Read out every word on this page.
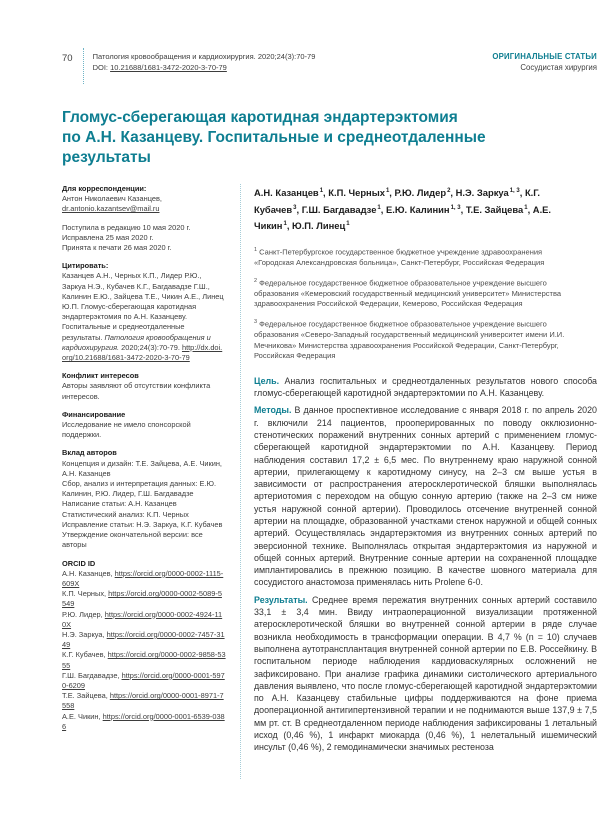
70	Патология кровообращения и кардиохирургия. 2020;24(3):70-79
DOI: 10.21688/1681-3472-2020-3-70-79
ОРИГИНАЛЬНЫЕ СТАТЬИ
Сосудистая хирургия
Гломус-сберегающая каротидная эндартерэктомия
по А.Н. Казанцеву. Госпитальные и среднеотдаленные
результаты

Для корреспонденции:

Антон Николаевич Казанцев,

dr.antonio.kazantsev@mail.ru

Поступила в редакцию 10 мая 2020 г.

Исправлена 25 мая 2020 г.

Принята к печати 26 мая 2020 г.

Цитировать:

Казанцев А.Н., Черных К.П., Лидер Р.Ю., Заркуа Н.Э., Кубачев К.Г., Багдавадзе Г.Ш., Калинин Е.Ю., Зайцева Т.Е., Чикин А.Е., Линец Ю.П. Гломус-сберегающая каротидная эндартерэктомия по А.Н. Казанцеву. Госпитальные и среднеотдаленные результаты. Патология кровообращения и кардиохирургия. 2020;24(3):70-79. http://dx.doi.org/10.21688/1681-3472-2020-3-70-79

Конфликт интересов

Авторы заявляют об отсутствии конфликта интересов.

Финансирование

Исследование не имело спонсорской поддержки.

Вклад авторов

Концепция и дизайн: Т.Е. Зайцева, А.Е. Чикин, А.Н. Казанцев

Сбор, анализ и интерпретация данных: Е.Ю. Калинин, Р.Ю. Лидер, Г.Ш. Багдавадзе

Написание статьи: А.Н. Казанцев

Статистический анализ: К.П. Черных

Исправление статьи: Н.Э. Заркуа, К.Г. Кубачев

Утверждение окончательной версии: все авторы

ORCID ID

А.Н. Казанцев, https://orcid.org/0000-0002-1115-609X

К.П. Черных, https://orcid.org/0000-0002-5089-5549

Р.Ю. Лидер, https://orcid.org/0000-0002-4924-110X

Н.Э. Заркуа, https://orcid.org/0000-0002-7457-3149

К.Г. Кубачев, https://orcid.org/0000-0002-9858-5355

Г.Ш. Багдавадзе, https://orcid.org/0000-0001-5970-6209

Т.Е. Зайцева, https://orcid.org/0000-0001-8971-7558

А.Е. Чикин, https://orcid.org/0000-0001-6539-0386

А.Н. Казанцев$^1$, К.П. Черных$^1$, Р.Ю. Лидер$^2$, Н.Э. Заркуа$^{1, 3}$, К.Г. Кубачев$^3$, Г.Ш. Багдавадзе$^1$, Е.Ю. Калинин$^{1, 3}$, Т.Е. Зайцева$^1$, А.Е. Чикин$^1$, Ю.П. Линец$^1$

$^1$ Санкт-Петербургское государственное бюджетное учреждение здравоохранения «Городская Александровская больница», Санкт-Петербург, Российская Федерация

$^2$ Федеральное государственное бюджетное образовательное учреждение высшего образования «Кемеровский государственный медицинский университет» Министерства здравоохранения Российской Федерации, Кемерово, Российская Федерация

$^3$ Федеральное государственное бюджетное образовательное учреждение высшего образования «Северо-Западный государственный медицинский университет имени И.И. Мечникова» Министерства здравоохранения Российской Федерации, Санкт-Петербург, Российская Федерация

Цель. Анализ госпитальных и среднеотдаленных результатов нового способа гломус-сберегающей каротидной эндартерэктомии по А.Н. Казанцеву.

Методы. В данное проспективное исследование с января 2018 г. по апрель 2020 г. включили 214 пациентов, прооперированных по поводу окклюзионно-стенотических поражений внутренних сонных артерий с применением гломус-сберегающей каротидной эндартерэктомии по А.Н. Казанцеву. Период наблюдения составил 17,2 ± 6,5 мес. По внутреннему краю наружной сонной артерии, прилегающему к каротидному синусу, на 2–3 см выше устья в зависимости от распространения атеросклеротической бляшки выполнялась артериотомия с переходом на общую сонную артерию (также на 2–3 см ниже устья наружной сонной артерии). Проводилось отсечение внутренней сонной артерии на площадке, образованной участками стенок наружной и общей сонных артерий. Осуществлялась эндартерэктомия из внутренних сонных артерий по эверсионной технике. Выполнялась открытая эндартерэктомия из наружной и общей сонных артерий. Внутренние сонные артерии на сохраненной площадке имплантировались в прежнюю позицию. В качестве шовного материала для сосудистого анастомоза применялась нить Prolene 6-0.

Результаты. Среднее время пережатия внутренних сонных артерий составило 33,1 ± 3,4 мин. Ввиду интраоперационной визуализации протяженной атеросклеротической бляшки во внутренней сонной артерии в ряде случае возникла необходимость в трансформации операции. В 4,7 % (n = 10) случаев выполнена аутотрансплантация внутренней сонной артерии по Е.В. Россейкину. В госпитальном периоде наблюдения кардиоваскулярных осложнений не зафиксировано. При анализе графика динамики систолического артериального давления выявлено, что после гломус-сберегающей каротидной эндартерэктомии по А.Н. Казанцеву стабильные цифры поддерживаются на фоне приема дооперационной антигипертензивной терапии и не поднимаются выше 137,9 ± 7,5 мм рт. ст. В среднеотдаленном периоде наблюдения зафиксированы 1 летальный исход (0,46 %), 1 инфаркт миокарда (0,46 %), 1 нелетальный ишемический инсульт (0,46 %), 2 гемодинамически значимых рестеноза
